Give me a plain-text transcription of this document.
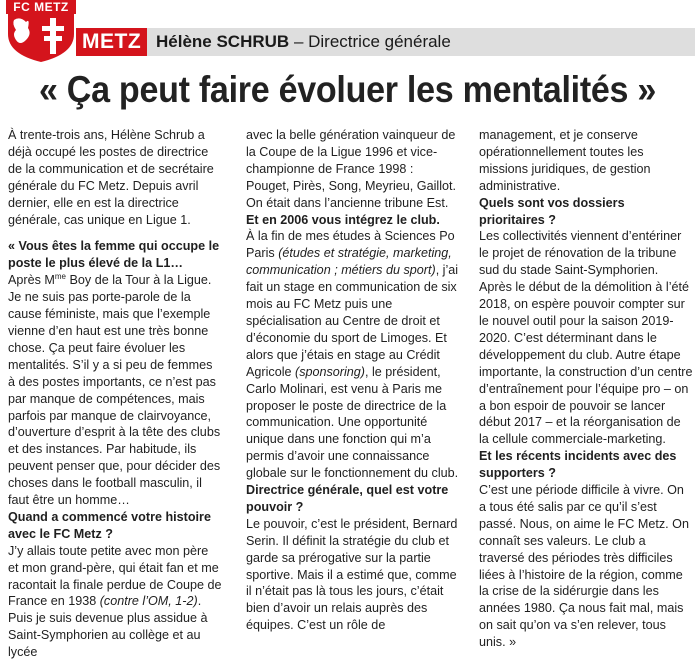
FC METZ
METZ Hélène SCHRUB – Directrice générale
« Ça peut faire évoluer les mentalités »

À trente-trois ans, Hélène Schrub a déjà occupé les postes de directrice de la communication et de secrétaire générale du FC Metz. Depuis avril dernier, elle en est la directrice générale, cas unique en Ligue 1.

« Vous êtes la femme qui occupe le poste le plus élevé de la L1…

Après $M^{me}$ Boy de la Tour à la Ligue. Je ne suis pas porte-parole de la cause féministe, mais que l’exemple vienne d’en haut est une très bonne chose. Ça peut faire évoluer les mentalités. S’il y a si peu de femmes à des postes importants, ce n’est pas par manque de compétences, mais parfois par manque de clairvoyance, d’ouverture d’esprit à la tête des clubs et des instances. Par habitude, ils peuvent penser que, pour décider des choses dans le football masculin, il faut être un homme…

Quand a commencé votre histoire avec le FC Metz ?

J’y allais toute petite avec mon père et mon grand-père, qui était fan et me racontait la finale perdue de Coupe de France en 1938 (contre l’OM, 1-2). Puis je suis devenue plus assidue à Saint-Symphorien au collège et au lycée

avec la belle génération vainqueur de la Coupe de la Ligue 1996 et vice-championne de France 1998 : Pouget, Pirès, Song, Meyrieu, Gaillot. On était dans l’ancienne tribune Est.

Et en 2006 vous intégrez le club.

À la fin de mes études à Sciences Po Paris (études et stratégie, marketing, communication ; métiers du sport), j’ai fait un stage en communication de six mois au FC Metz puis une spécialisation au Centre de droit et d’économie du sport de Limoges. Et alors que j’étais en stage au Crédit Agricole (sponsoring), le président, Carlo Molinari, est venu à Paris me proposer le poste de directrice de la communication. Une opportunité unique dans une fonction qui m’a permis d’avoir une connaissance globale sur le fonctionnement du club.

Directrice générale, quel est votre pouvoir ?

Le pouvoir, c’est le président, Bernard Serin. Il définit la stratégie du club et garde sa prérogative sur la partie sportive. Mais il a estimé que, comme il n’était pas là tous les jours, c’était bien d’avoir un relais auprès des équipes. C’est un rôle de

management, et je conserve opérationnellement toutes les missions juridiques, de gestion administrative.

Quels sont vos dossiers prioritaires ?

Les collectivités viennent d’entériner le projet de rénovation de la tribune sud du stade Saint-Symphorien. Après le début de la démolition à l’été 2018, on espère pouvoir compter sur le nouvel outil pour la saison 2019-2020. C’est déterminant dans le développement du club. Autre étape importante, la construction d’un centre d’entraînement pour l’équipe pro – on a bon espoir de pouvoir se lancer début 2017 – et la réorganisation de la cellule commerciale-marketing.

Et les récents incidents avec des supporters ?

C’est une période difficile à vivre. On a tous été salis par ce qu’il s’est passé. Nous, on aime le FC Metz. On connaît ses valeurs. Le club a traversé des périodes très difficiles liées à l’histoire de la région, comme la crise de la sidérurgie dans les années 1980. Ça nous fait mal, mais on sait qu’on va s’en relever, tous unis. »
